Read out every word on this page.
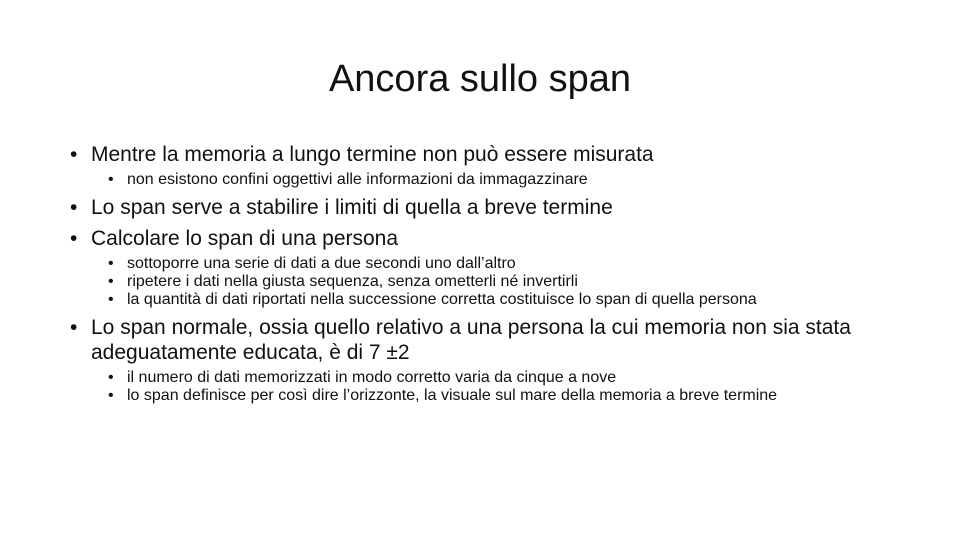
Ancora sullo span
• Mentre la memoria a lungo termine non può essere misurata
• non esistono confini oggettivi alle informazioni da immagazzinare
• Lo span serve a stabilire i limiti di quella a breve termine
• Calcolare lo span di una persona
• sottoporre una serie di dati a due secondi uno dall’altro
• ripetere i dati nella giusta sequenza, senza ometterli né invertirli
• la quantità di dati riportati nella successione corretta costituisce lo span di quella persona
• Lo span normale, ossia quello relativo a una persona la cui memoria non sia stata adeguatamente educata, è di 7 ±2
• il numero di dati memorizzati in modo corretto varia da cinque a nove
• lo span definisce per così dire l’orizzonte, la visuale sul mare della memoria a breve termine
